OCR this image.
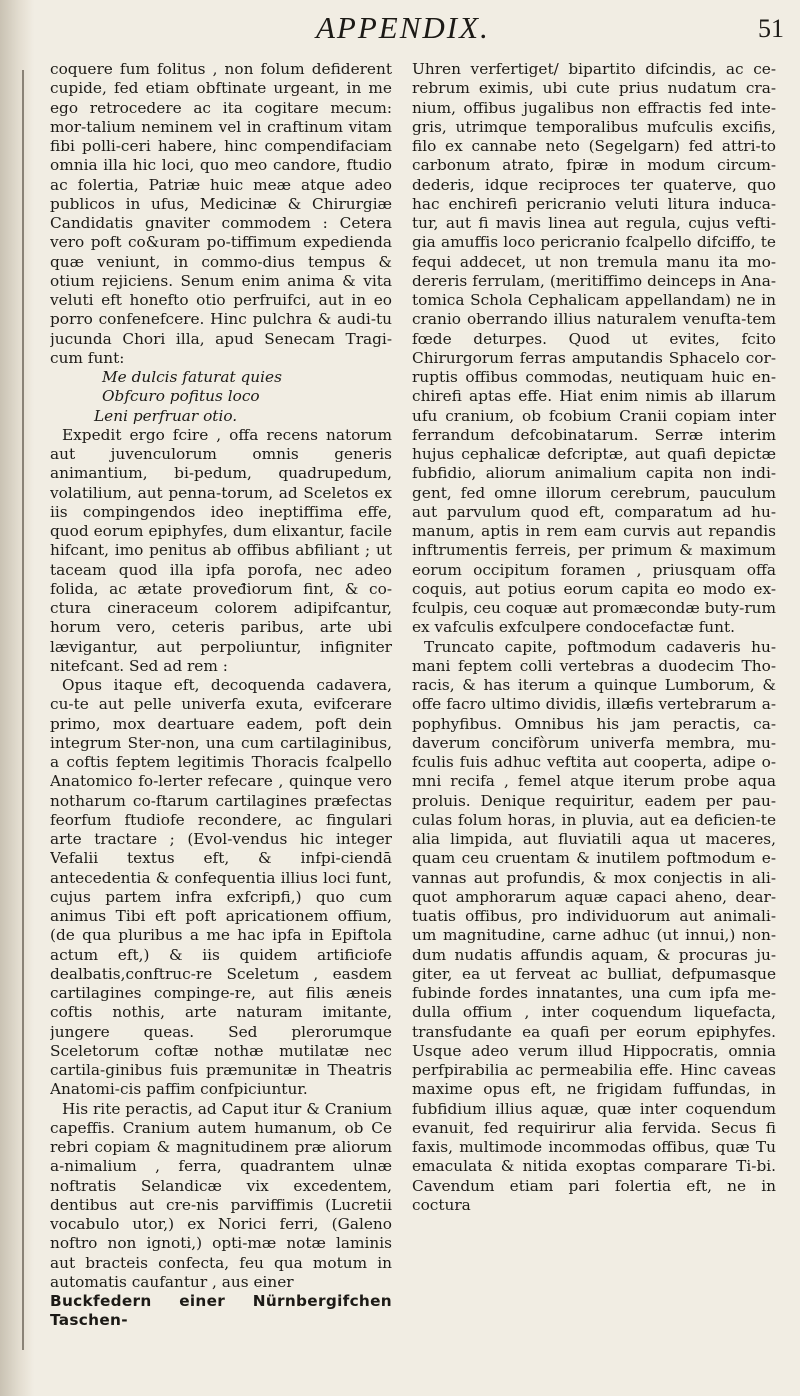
APPENDIX.	51

coquere fum folitus , non folum defiderent cupide, fed etiam obftinate urgeant, in me ego retrocedere ac ita cogitare mecum: mor-talium neminem vel in craftinum vitam fibi polli-ceri habere, hinc compendifaciam omnia illa hic loci, quo meo candore, ftudio ac folertia, Patriæ huic meæ atque adeo publicos in ufus, Medicinæ & Chirurgiæ Candidatis gnaviter commodem : Cetera vero poft co&uram po-tiffimum expedienda quæ veniunt, in commo-dius tempus & otium rejiciens. Senum enim anima & vita veluti eft honefto otio perfruifci, aut in eo porro confenefcere. Hinc pulchra & audi-tu jucunda Chori illa, apud Senecam Tragi-cum funt:

Me dulcis faturat quies

Obfcuro pofitus loco

Leni perfruar otio.

Expedit ergo fcire , offa recens natorum aut juvenculorum omnis generis animantium, bi-pedum, quadrupedum, volatilium, aut penna-torum, ad Sceletos ex iis compingendos ideo ineptiffima effe, quod eorum epiphyfes, dum elixantur, facile hifcant, imo penitus ab offibus abfiliant ; ut taceam quod illa ipfa porofa, nec adeo folida, ac ætate proveđiorum fint, & co-ctura cineraceum colorem adipifcantur, horum vero, ceteris paribus, arte ubi lævigantur, aut perpoliuntur, infigniter nitefcant. Sed ad rem :

Opus itaque eft, decoquenda cadavera, cu-te aut pelle univerfa exuta, evifcerare primo, mox deartuare eadem, poft dein integrum Ster-non, una cum cartilaginibus, a coftis feptem legitimis Thoracis fcalpello Anatomico fo-lerter refecare , quinque vero notharum co-ftarum cartilagines præfectas feorfum ftudiofe recondere, ac fingulari arte tractare ; (Evol-vendus hic integer Vefalii textus eft, & infpi-ciendā antecedentia & confequentia illius loci funt, cujus partem infra exfcripfi,) quo cum animus Tibi eft poft apricationem offium, (de qua pluribus a me hac ipfa in Epiftola actum eft,) & iis quidem artificiofe dealbatis,conftruc-re Sceletum , easdem cartilagines compinge-re, aut filis æneis coftis nothis, arte naturam imitante, jungere queas. Sed plerorumque Sceletorum coftæ nothæ mutilatæ nec cartila-ginibus fuis præmunitæ in Theatris Anatomi-cis paffim confpiciuntur.

His rite peractis, ad Caput itur & Cranium capeffis. Cranium autem humanum, ob Ce rebri copiam & magnitudinem præ aliorum a-nimalium , ferra, quadrantem ulnæ noftratis Selandicæ vix excedentem, dentibus aut cre-nis parviffimis (Lucretii vocabulo utor,) ex Norici ferri, (Galeno noftro non ignoti,) opti-mæ notæ laminis aut bracteis confecta, feu qua motum in automatis caufantur , aus einer

Buckfedern einer Nürnbergifchen Taschen-

Uhren verfertiget/ bipartito difcindis, ac ce-rebrum eximis, ubi cute prius nudatum cra-nium, offibus jugalibus non effractis fed inte-gris, utrimque temporalibus mufculis excifis, filo ex cannabe neto (Segelgarn) fed attri-to carbonum atrato, fpiræ in modum circum-dederis, idque reciproces ter quaterve, quo hac enchirefi pericranio veluti litura induca-tur, aut fi mavis linea aut regula, cujus vefti-gia amuffis loco pericranio fcalpello difciffo, te fequi addecet, ut non tremula manu ita mo-dereris ferrulam, (meritiffimo deinceps in Ana-tomica Schola Cephalicam appellandam) ne in cranio oberrando illius naturalem venufta-tem fœde deturpes. Quod ut evites, fcito Chirurgorum ferras amputandis Sphacelo cor-ruptis offibus commodas, neutiquam huic en-chirefi aptas effe. Hiat enim nimis ab illarum ufu cranium, ob fcobium Cranii copiam inter ferrandum defcobinatarum. Serræ interim hujus cephalicæ defcriptæ, aut quafi depictæ fubfidio, aliorum animalium capita non indi-gent, fed omne illorum cerebrum, pauculum aut parvulum quod eft, comparatum ad hu-manum, aptis in rem eam curvis aut repandis inftrumentis ferreis, per primum & maximum eorum occipitum foramen , priusquam offa coquis, aut potius eorum capita eo modo ex-fculpis, ceu coquæ aut promæcondæ buty-rum ex vafculis exfculpere condocefactæ funt.

Truncato capite, poftmodum cadaveris hu-mani feptem colli vertebras a duodecim Tho-racis, & has iterum a quinque Lumborum, & offe facro ultimo dividis, illæfis vertebrarum a-pophyfibus. Omnibus his jam peractis, ca-daverum concifòrum univerfa membra, mu-fculis fuis adhuc veftita aut cooperta, adipe o-mni recifa , femel atque iterum probe aqua proluis. Denique requiritur, eadem per pau-culas folum horas, in pluvia, aut ea deficien-te alia limpida, aut fluviatili aqua ut maceres, quam ceu cruentam & inutilem poftmodum e-vannas aut profundis, & mox conjectis in ali-quot amphorarum aquæ capaci aheno, dear-tuatis offibus, pro individuorum aut animali-um magnitudine, carne adhuc (ut innui,) non-dum nudatis affundis aquam, & procuras ju-giter, ea ut ferveat ac bulliat, defpumasque fubinde fordes innatantes, una cum ipfa me-dulla offium , inter coquendum liquefacta, transfudante ea quafi per eorum epiphyfes. Usque adeo verum illud Hippocratis, omnia perfpirabilia ac permeabilia effe. Hinc caveas maxime opus eft, ne frigidam fuffundas, in fubfidium illius aquæ, quæ inter coquendum evanuit, fed requirirur alia fervida. Secus fi faxis, multimode incommodas offibus, quæ Tu emaculata & nitida exoptas comparare Ti-bi. Cavendum etiam pari folertia eft, ne in coctura
